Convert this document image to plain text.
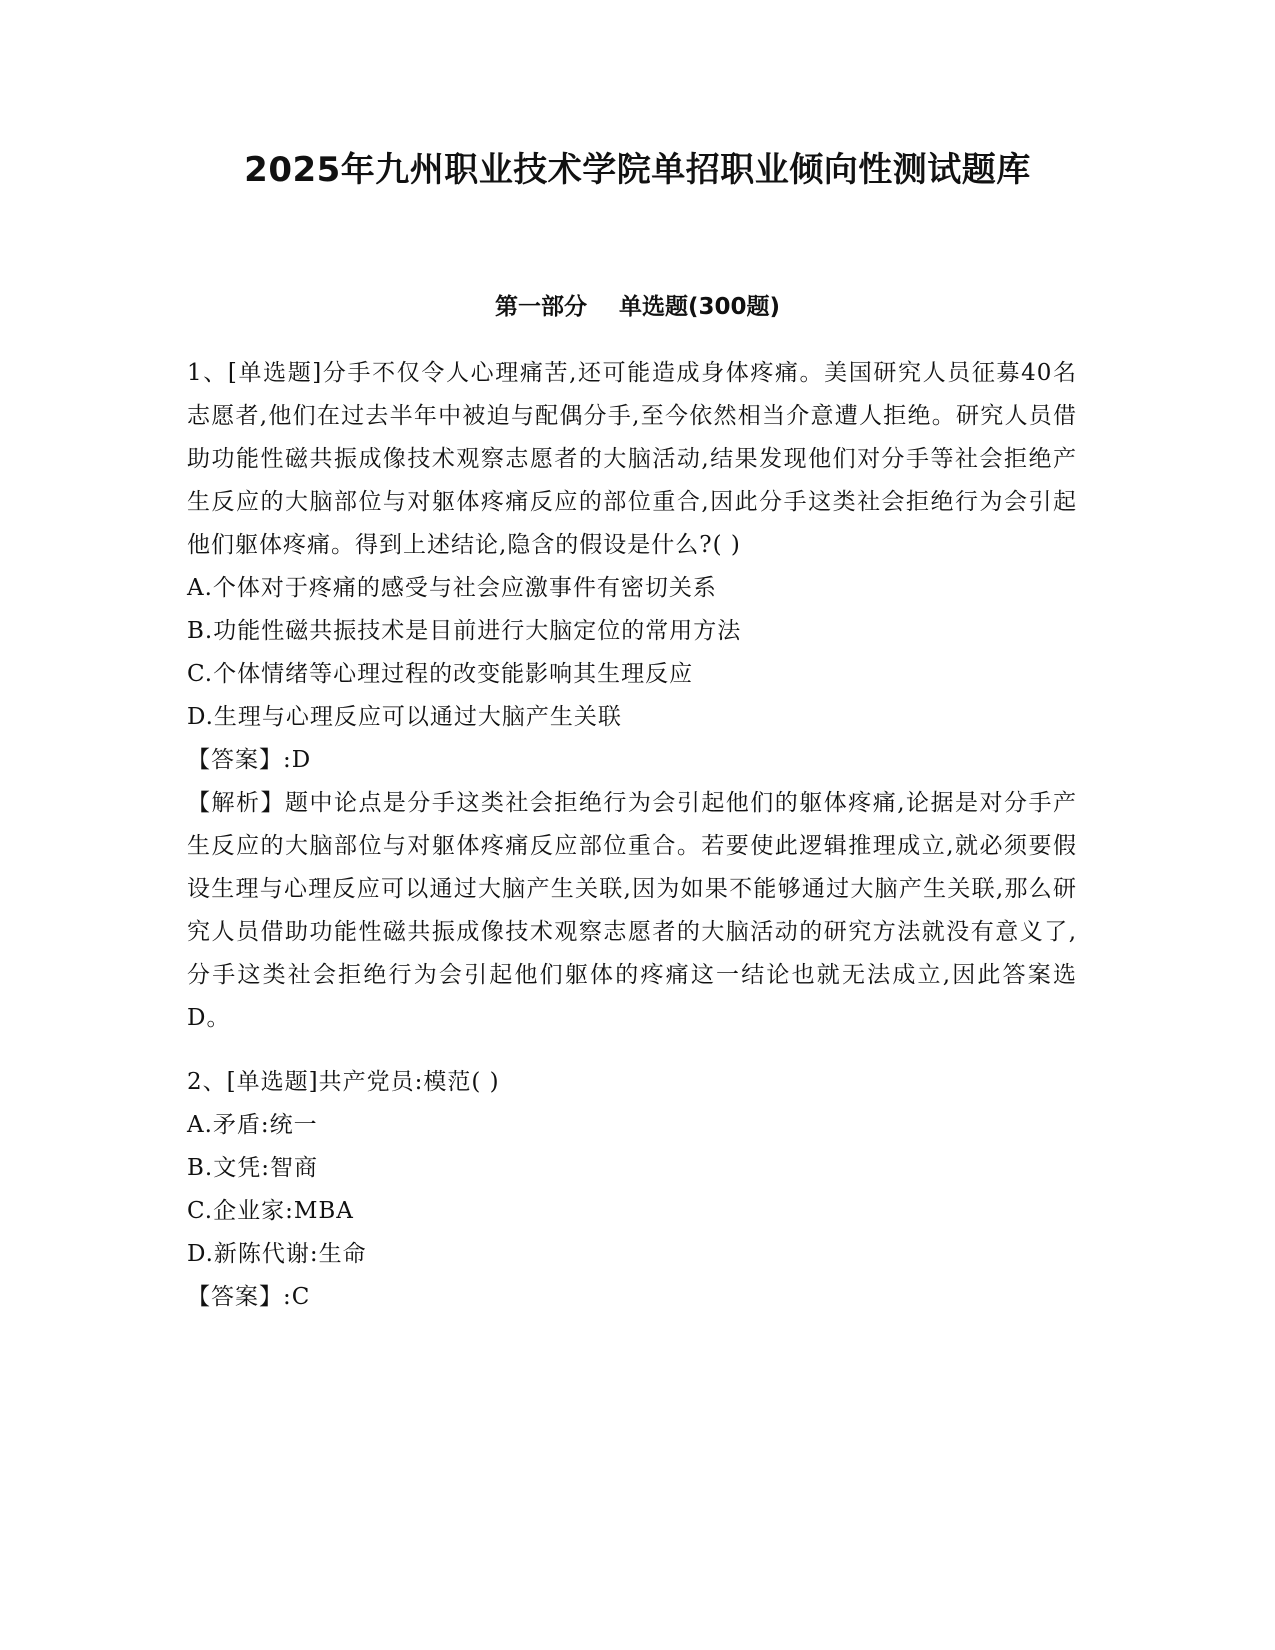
2025年九州职业技术学院单招职业倾向性测试题库
第一部分    单选题(300题)

1、[单选题]分手不仅令人心理痛苦,还可能造成身体疼痛。美国研究人员征募40名志愿者,他们在过去半年中被迫与配偶分手,至今依然相当介意遭人拒绝。研究人员借助功能性磁共振成像技术观察志愿者的大脑活动,结果发现他们对分手等社会拒绝产生反应的大脑部位与对躯体疼痛反应的部位重合,因此分手这类社会拒绝行为会引起他们躯体疼痛。得到上述结论,隐含的假设是什么?( )

A.个体对于疼痛的感受与社会应激事件有密切关系

B.功能性磁共振技术是目前进行大脑定位的常用方法

C.个体情绪等心理过程的改变能影响其生理反应

D.生理与心理反应可以通过大脑产生关联

【答案】:D

【解析】题中论点是分手这类社会拒绝行为会引起他们的躯体疼痛,论据是对分手产生反应的大脑部位与对躯体疼痛反应部位重合。若要使此逻辑推理成立,就必须要假设生理与心理反应可以通过大脑产生关联,因为如果不能够通过大脑产生关联,那么研究人员借助功能性磁共振成像技术观察志愿者的大脑活动的研究方法就没有意义了,分手这类社会拒绝行为会引起他们躯体的疼痛这一结论也就无法成立,因此答案选D。

2、[单选题]共产党员:模范( )

A.矛盾:统一

B.文凭:智商

C.企业家:MBA

D.新陈代谢:生命

【答案】:C
